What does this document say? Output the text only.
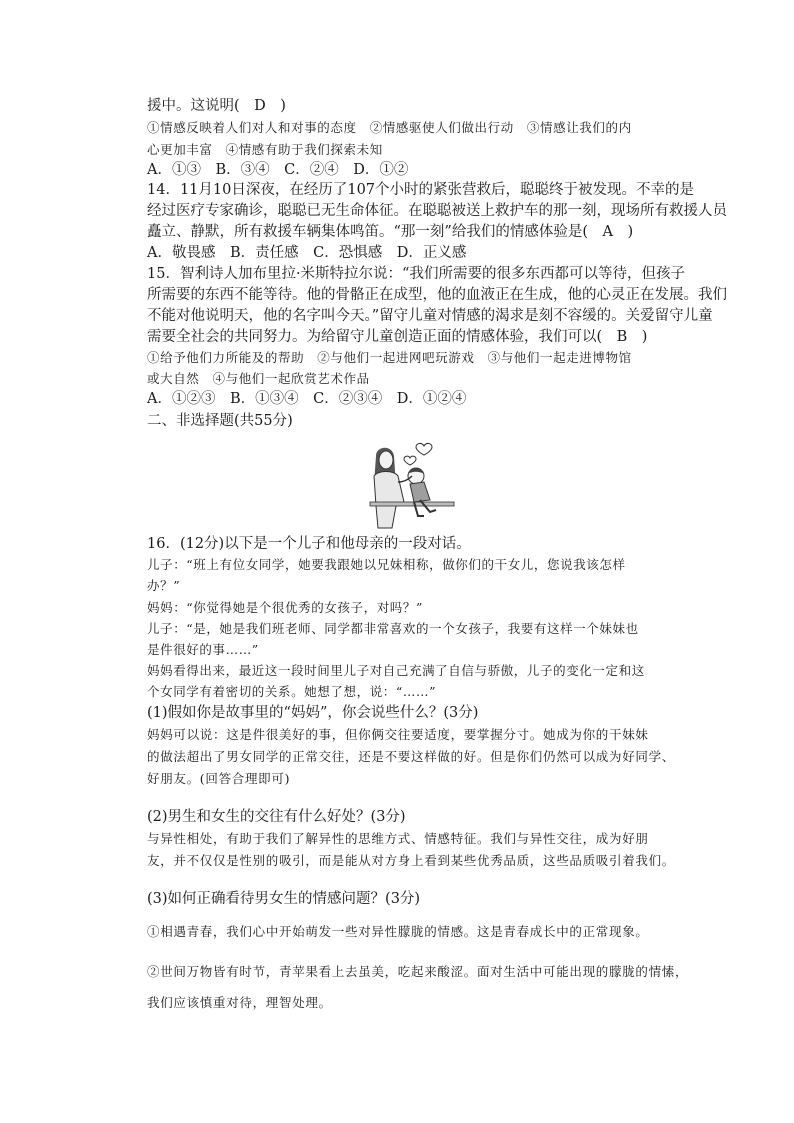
援中。这说明(　D　)
①情感反映着人们对人和对事的态度　②情感驱使人们做出行动　③情感让我们的内
心更加丰富　④情感有助于我们探索未知
A．①③　B．③④　C．②④　D．①②
14．11月10日深夜，在经历了107个小时的紧张营救后，聪聪终于被发现。不幸的是
经过医疗专家确诊，聪聪已无生命体征。在聪聪被送上救护车的那一刻，现场所有救援人员
矗立、静默，所有救援车辆集体鸣笛。“那一刻”给我们的情感体验是(　A　)
A．敬畏感　B．责任感　C．恐惧感　D．正义感
15．智利诗人加布里拉·米斯特拉尔说：“我们所需要的很多东西都可以等待，但孩子
所需要的东西不能等待。他的骨骼正在成型，他的血液正在生成，他的心灵正在发展。我们
不能对他说明天，他的名字叫今天。”留守儿童对情感的渴求是刻不容缓的。关爱留守儿童
需要全社会的共同努力。为给留守儿童创造正面的情感体验，我们可以(　B　)
①给予他们力所能及的帮助　②与他们一起进网吧玩游戏　③与他们一起走进博物馆
或大自然　④与他们一起欣赏艺术作品
A．①②③　B．①③④　C．②③④　D．①②④
二、非选择题(共55分)
16．(12分)以下是一个儿子和他母亲的一段对话。
儿子：“班上有位女同学，她要我跟她以兄妹相称，做你们的干女儿，您说我该怎样
办？”
妈妈：“你觉得她是个很优秀的女孩子，对吗？”
儿子：“是，她是我们班老师、同学都非常喜欢的一个女孩子，我要有这样一个妹妹也
是件很好的事……”
妈妈看得出来，最近这一段时间里儿子对自己充满了自信与骄傲，儿子的变化一定和这
个女同学有着密切的关系。她想了想，说：“……”
(1)假如你是故事里的“妈妈”，你会说些什么？(3分)
妈妈可以说：这是件很美好的事，但你俩交往要适度，要掌握分寸。她成为你的干妹妹
的做法超出了男女同学的正常交往，还是不要这样做的好。但是你们仍然可以成为好同学、
好朋友。(回答合理即可)
(2)男生和女生的交往有什么好处？(3分)
与异性相处，有助于我们了解异性的思维方式、情感特征。我们与异性交往，成为好朋
友，并不仅仅是性别的吸引，而是能从对方身上看到某些优秀品质，这些品质吸引着我们。
(3)如何正确看待男女生的情感问题？(3分)
①相遇青春，我们心中开始萌发一些对异性朦胧的情感。这是青春成长中的正常现象。
②世间万物皆有时节，青苹果看上去虽美，吃起来酸涩。面对生活中可能出现的朦胧的情愫，
我们应该慎重对待，理智处理。
